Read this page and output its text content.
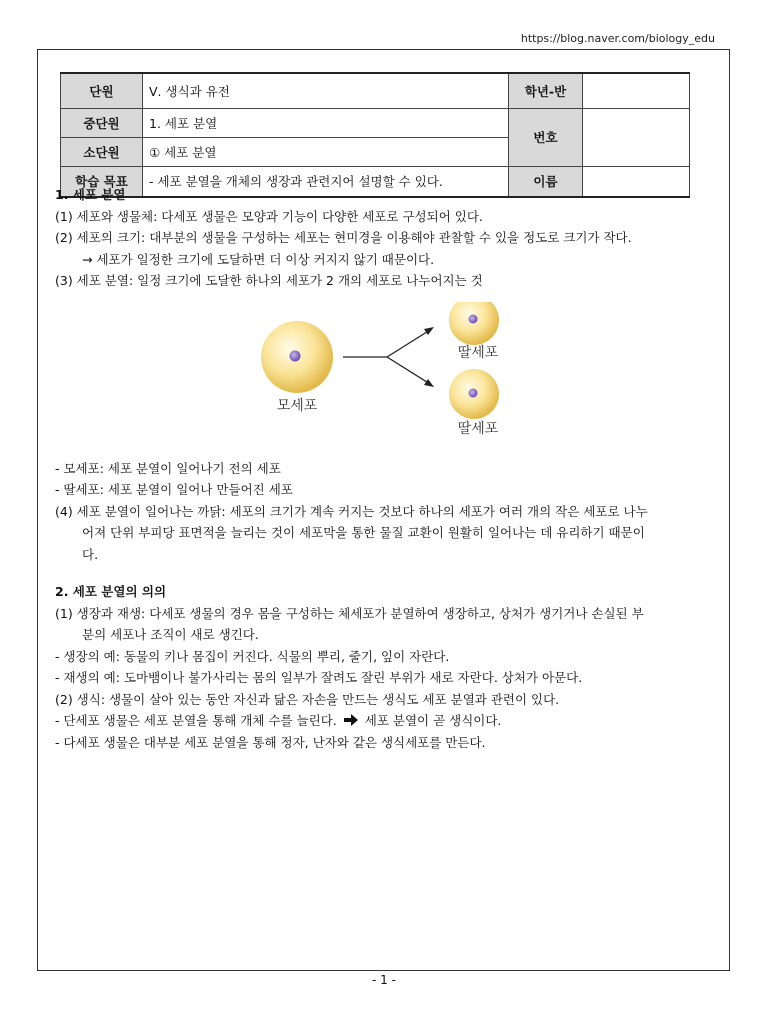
https://blog.naver.com/biology_edu
단원	Ⅴ. 생식과 유전	학년-반	
중단원	1. 세포 분열	번호	
소단원	① 세포 분열		
학습 목표	- 세포 분열을 개체의 생장과 관련지어 설명할 수 있다.	이름	

1. 세포 분열

(1) 세포와 생물체: 다세포 생물은 모양과 기능이 다양한 세포로 구성되어 있다.

(2) 세포의 크기: 대부분의 생물을 구성하는 세포는 현미경을 이용해야 관찰할 수 있을 정도로 크기가 작다.

→ 세포가 일정한 크기에 도달하면 더 이상 커지지 않기 때문이다.

(3) 세포 분열: 일정 크기에 도달한 하나의 세포가 2 개의 세포로 나누어지는 것

모세포
딸세포
딸세포

- 모세포: 세포 분열이 일어나기 전의 세포

- 딸세포: 세포 분열이 일어나 만들어진 세포

(4) 세포 분열이 일어나는 까닭: 세포의 크기가 계속 커지는 것보다 하나의 세포가 여러 개의 작은 세포로 나누

어져 단위 부피당 표면적을 늘리는 것이 세포막을 통한 물질 교환이 원활히 일어나는 데 유리하기 때문이

다.

2. 세포 분열의 의의

(1) 생장과 재생: 다세포 생물의 경우 몸을 구성하는 체세포가 분열하여 생장하고, 상처가 생기거나 손실된 부

분의 세포나 조직이 새로 생긴다.

- 생장의 예: 동물의 키나 몸집이 커진다. 식물의 뿌리, 줄기, 잎이 자란다.

- 재생의 예: 도마뱀이나 불가사리는 몸의 일부가 잘려도 잘린 부위가 새로 자란다. 상처가 아문다.

(2) 생식: 생물이 살아 있는 동안 자신과 닮은 자손을 만드는 생식도 세포 분열과 관련이 있다.

- 단세포 생물은 세포 분열을 통해 개체 수를 늘린다. 세포 분열이 곧 생식이다.

- 다세포 생물은 대부분 세포 분열을 통해 정자, 난자와 같은 생식세포를 만든다.

- 1 -
